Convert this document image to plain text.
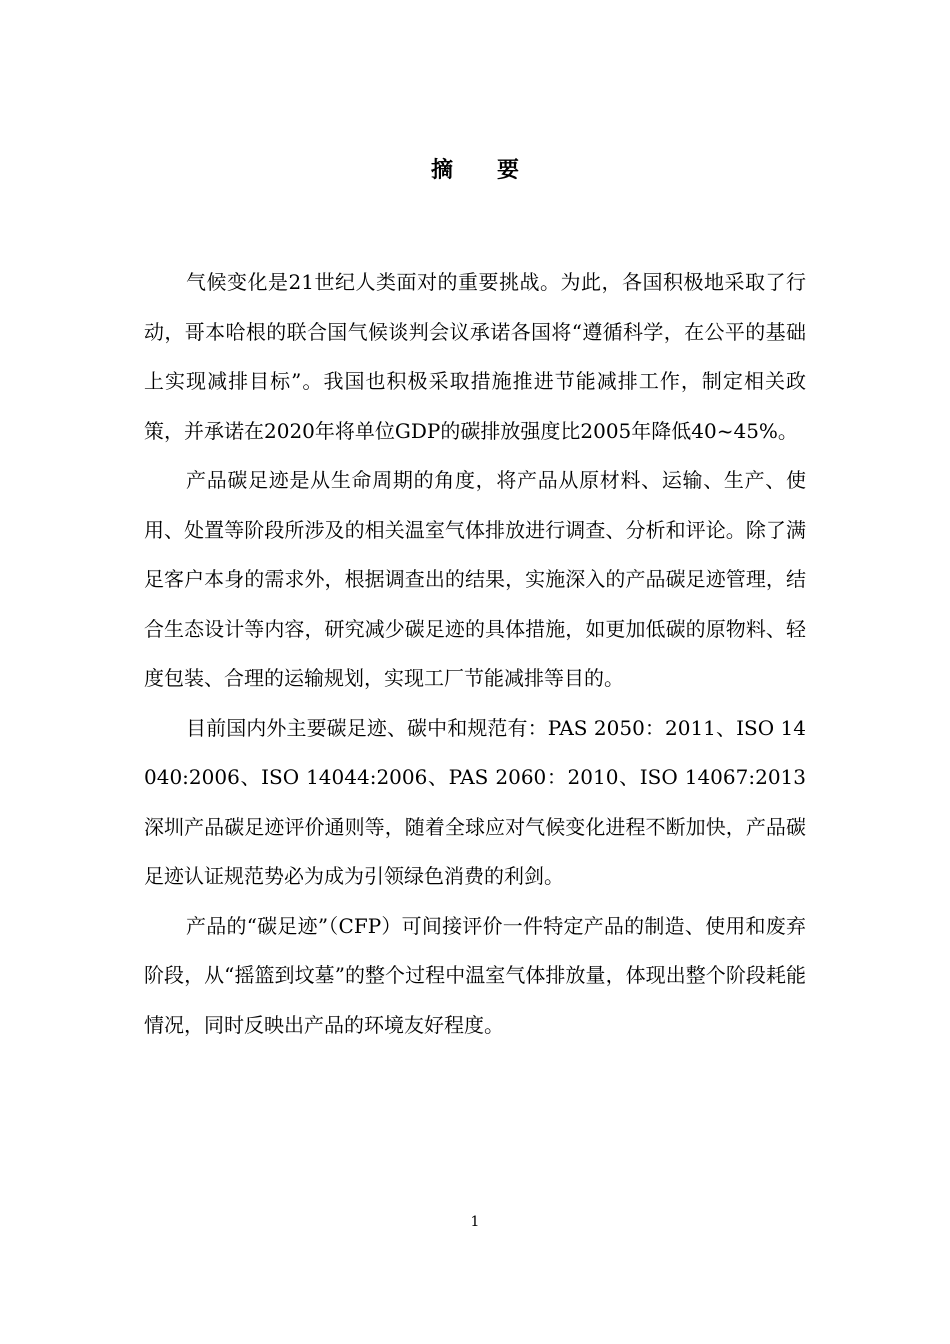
摘要

气候变化是21世纪人类面对的重要挑战。为此，各国积极地采取了行动，哥本哈根的联合国气候谈判会议承诺各国将“遵循科学，在公平的基础上实现减排目标”。我国也积极采取措施推进节能减排工作，制定相关政策，并承诺在2020年将单位GDP的碳排放强度比2005年降低40~45%。

产品碳足迹是从生命周期的角度，将产品从原材料、运输、生产、使用、处置等阶段所涉及的相关温室气体排放进行调查、分析和评论。除了满足客户本身的需求外，根据调查出的结果，实施深入的产品碳足迹管理，结合生态设计等内容，研究减少碳足迹的具体措施，如更加低碳的原物料、轻度包装、合理的运输规划，实现工厂节能减排等目的。

目前国内外主要碳足迹、碳中和规范有：PAS 2050：2011、ISO 14040:2006、ISO 14044:2006、PAS 2060：2010、ISO 14067:2013深圳产品碳足迹评价通则等，随着全球应对气候变化进程不断加快，产品碳足迹认证规范势必为成为引领绿色消费的利剑。

产品的“碳足迹”（CFP）可间接评价一件特定产品的制造、使用和废弃阶段，从“摇篮到坟墓”的整个过程中温室气体排放量，体现出整个阶段耗能情况，同时反映出产品的环境友好程度。

1
